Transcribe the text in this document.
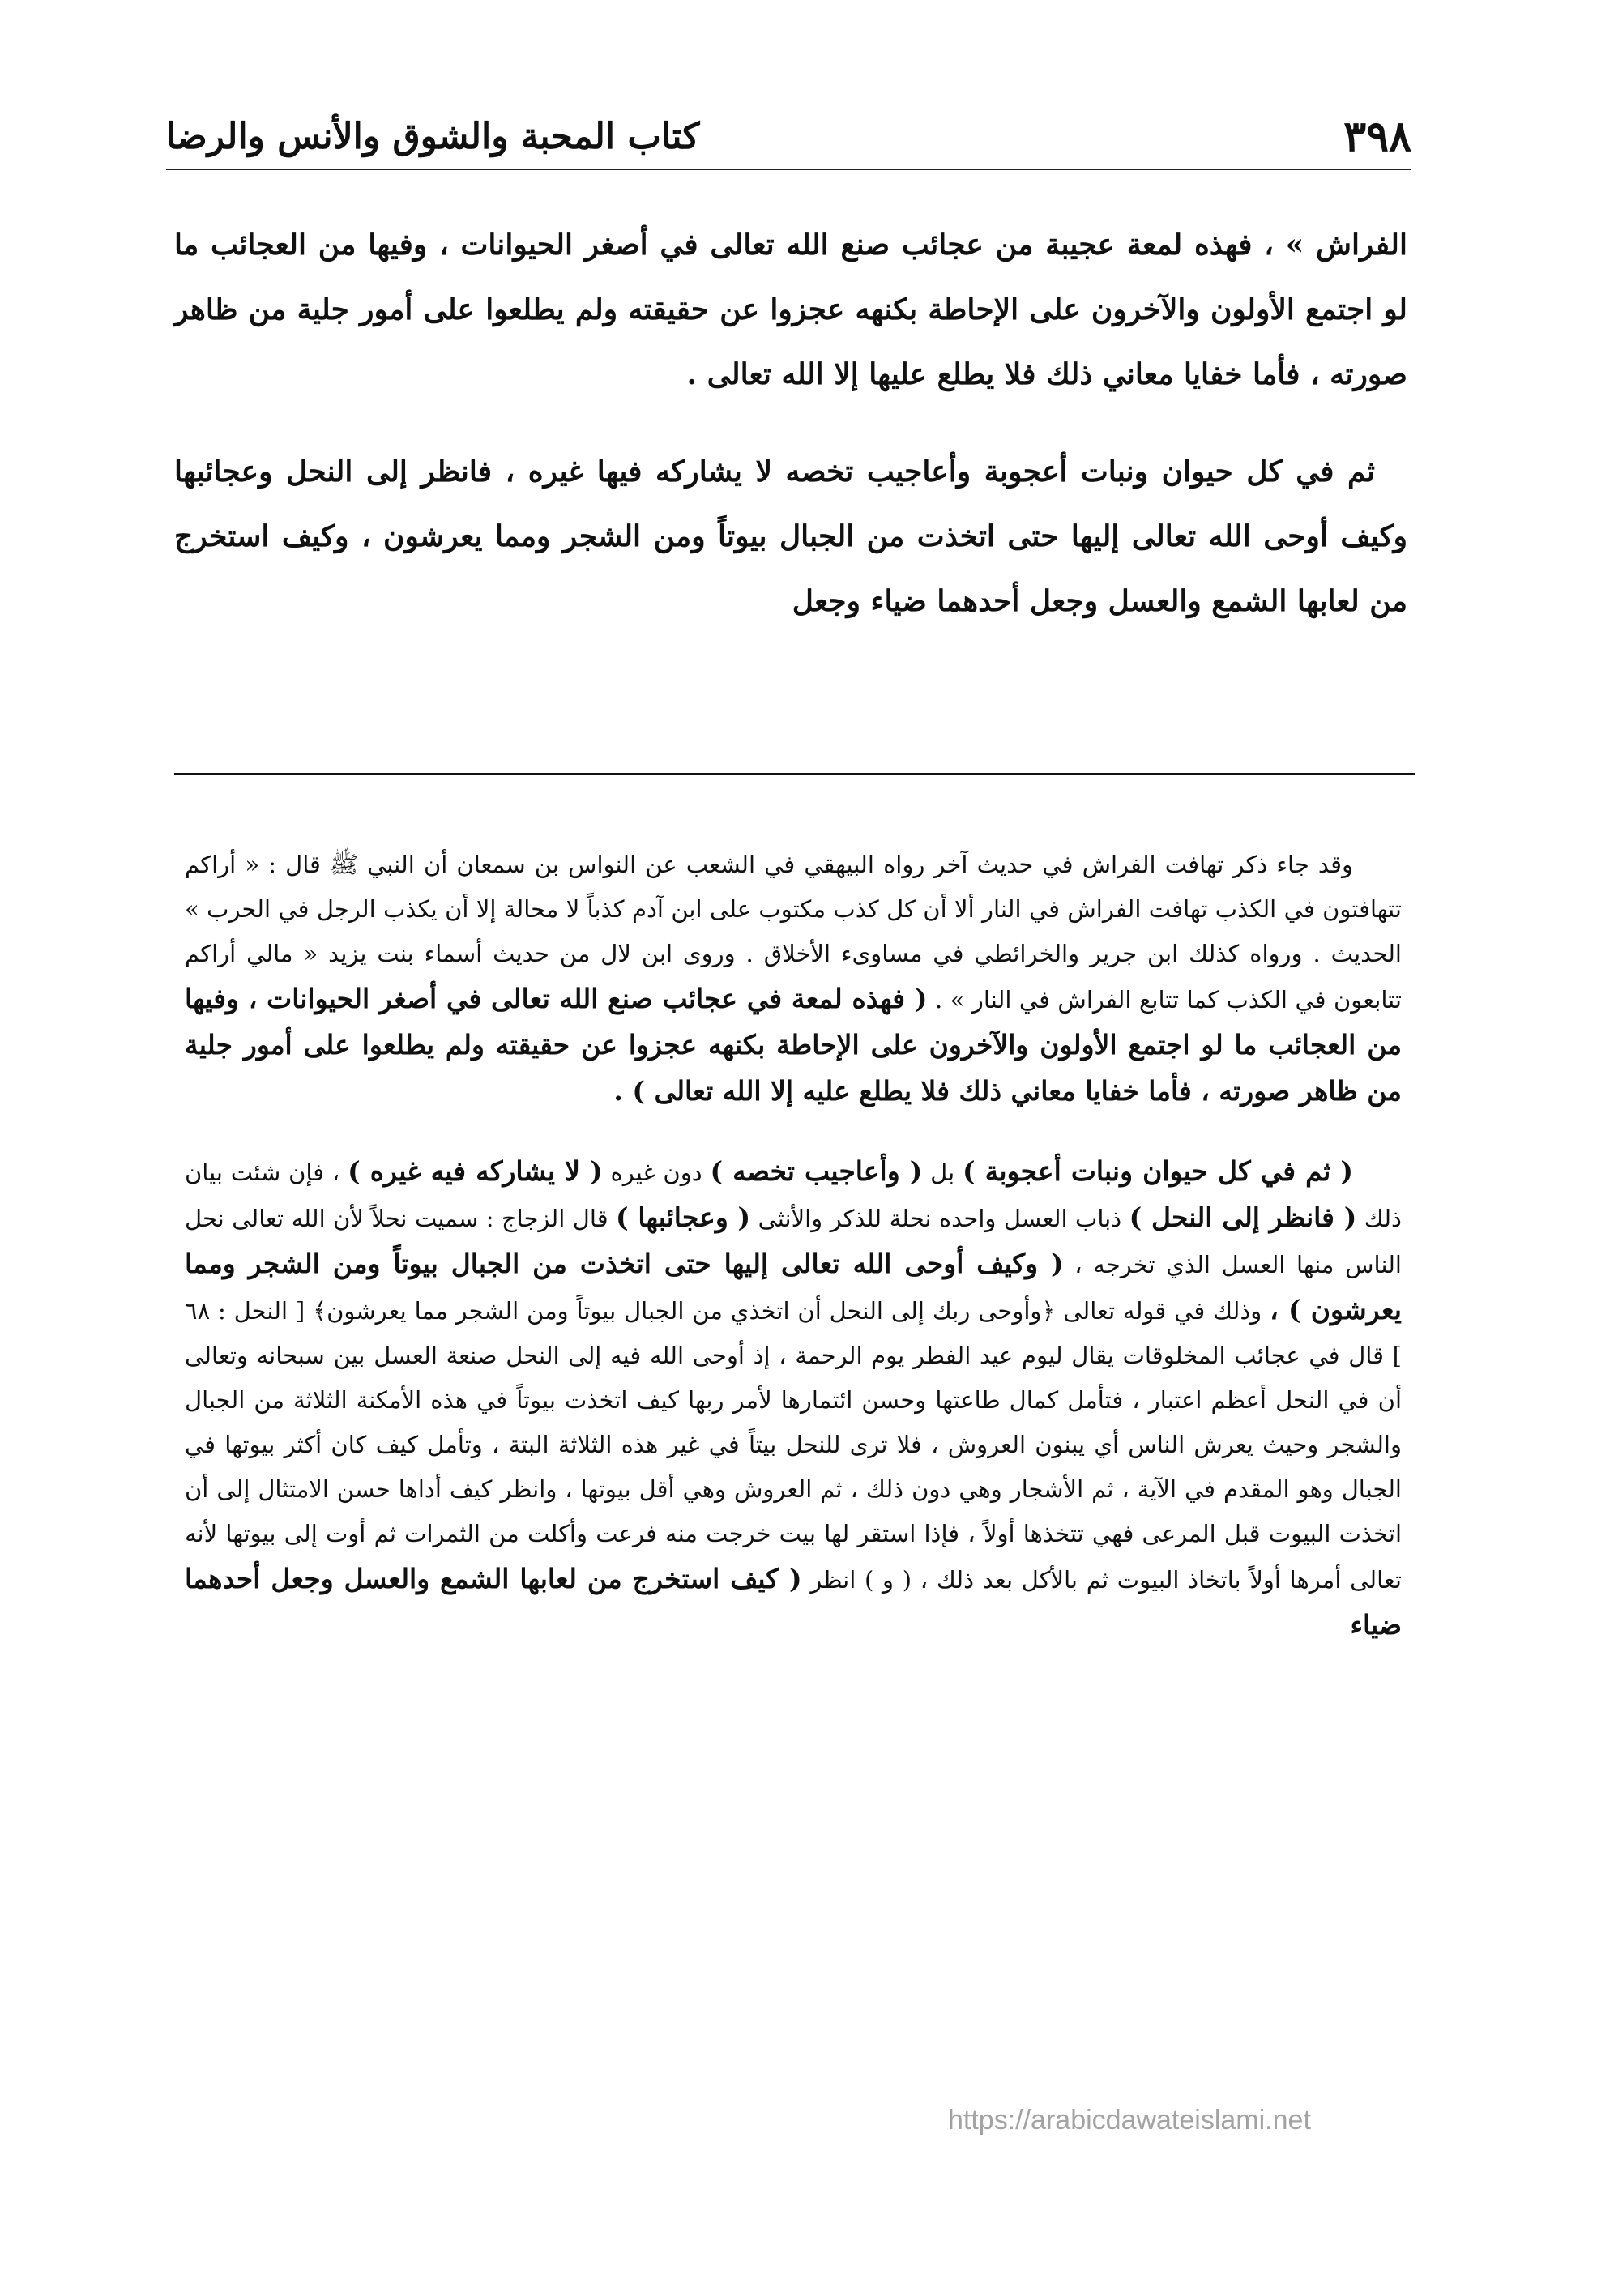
٣٩٨
كتاب المحبة والشوق والأنس والرضا

الفراش » ، فهذه لمعة عجيبة من عجائب صنع الله تعالى في أصغر الحيوانات ، وفيها من العجائب ما لو اجتمع الأولون والآخرون على الإحاطة بكنهه عجزوا عن حقيقته ولم يطلعوا على أمور جلية من ظاهر صورته ، فأما خفايا معاني ذلك فلا يطلع عليها إلا الله تعالى .

ثم في كل حيوان ونبات أعجوبة وأعاجيب تخصه لا يشاركه فيها غيره ، فانظر إلى النحل وعجائبها وكيف أوحى الله تعالى إليها حتى اتخذت من الجبال بيوتاً ومن الشجر ومما يعرشون ، وكيف استخرج من لعابها الشمع والعسل وجعل أحدهما ضياء وجعل

وقد جاء ذكر تهافت الفراش في حديث آخر رواه البيهقي في الشعب عن النواس بن سمعان أن النبي ﷺ قال : « أراكم تتهافتون في الكذب تهافت الفراش في النار ألا أن كل كذب مكتوب على ابن آدم كذباً لا محالة إلا أن يكذب الرجل في الحرب » الحديث . ورواه كذلك ابن جرير والخرائطي في مساوىء الأخلاق . وروى ابن لال من حديث أسماء بنت يزيد « مالي أراكم تتابعون في الكذب كما تتابع الفراش في النار » . ( فهذه لمعة في عجائب صنع الله تعالى في أصغر الحيوانات ، وفيها من العجائب ما لو اجتمع الأولون والآخرون على الإحاطة بكنهه عجزوا عن حقيقته ولم يطلعوا على أمور جلية من ظاهر صورته ، فأما خفايا معاني ذلك فلا يطلع عليه إلا الله تعالى ) .

( ثم في كل حيوان ونبات أعجوبة ) بل ( وأعاجيب تخصه ) دون غيره ( لا يشاركه فيه غيره ) ، فإن شئت بيان ذلك ( فانظر إلى النحل ) ذباب العسل واحده نحلة للذكر والأنثى ( وعجائبها ) قال الزجاج : سميت نحلاً لأن الله تعالى نحل الناس منها العسل الذي تخرجه ، ( وكيف أوحى الله تعالى إليها حتى اتخذت من الجبال بيوتاً ومن الشجر ومما يعرشون ) ، وذلك في قوله تعالى ﴿وأوحى ربك إلى النحل أن اتخذي من الجبال بيوتاً ومن الشجر مما يعرشون﴾ [ النحل : ٦٨ ] قال في عجائب المخلوقات يقال ليوم عيد الفطر يوم الرحمة ، إذ أوحى الله فيه إلى النحل صنعة العسل بين سبحانه وتعالى أن في النحل أعظم اعتبار ، فتأمل كمال طاعتها وحسن ائتمارها لأمر ربها كيف اتخذت بيوتاً في هذه الأمكنة الثلاثة من الجبال والشجر وحيث يعرش الناس أي يبنون العروش ، فلا ترى للنحل بيتاً في غير هذه الثلاثة البتة ، وتأمل كيف كان أكثر بيوتها في الجبال وهو المقدم في الآية ، ثم الأشجار وهي دون ذلك ، ثم العروش وهي أقل بيوتها ، وانظر كيف أداها حسن الامتثال إلى أن اتخذت البيوت قبل المرعى فهي تتخذها أولاً ، فإذا استقر لها بيت خرجت منه فرعت وأكلت من الثمرات ثم أوت إلى بيوتها لأنه تعالى أمرها أولاً باتخاذ البيوت ثم بالأكل بعد ذلك ، ( و ) انظر ( كيف استخرج من لعابها الشمع والعسل وجعل أحدهما ضياء

https://arabicdawateislami.net
